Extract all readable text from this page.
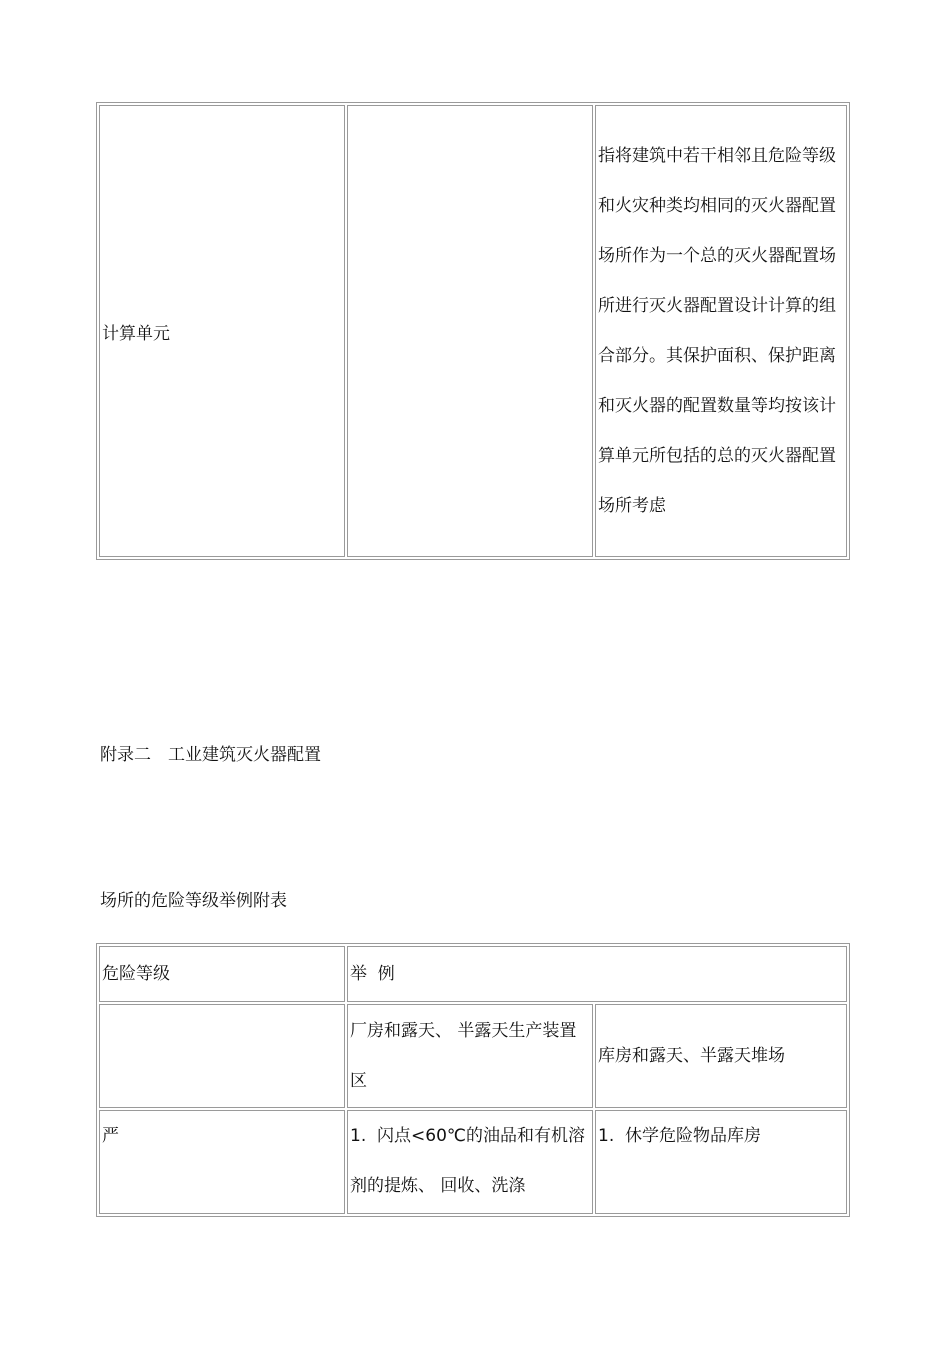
计算单元		指将建筑中若干相邻且危险等级和火灾种类均相同的灭火器配置场所作为一个总的灭火器配置场所进行灭火器配置设计计算的组合部分。其保护面积、保护距离和灭火器的配置数量等均按该计算单元所包括的总的灭火器配置场所考虑

附录二　工业建筑灭火器配置

场所的危险等级举例附表

危险等级	举  例	
	厂房和露天、 半露天生产装置区	库房和露天、半露天堆场
严	1.  闪点<60℃的油品和有机溶剂的提炼、 回收、洗涤	1.  休学危险物品库房
